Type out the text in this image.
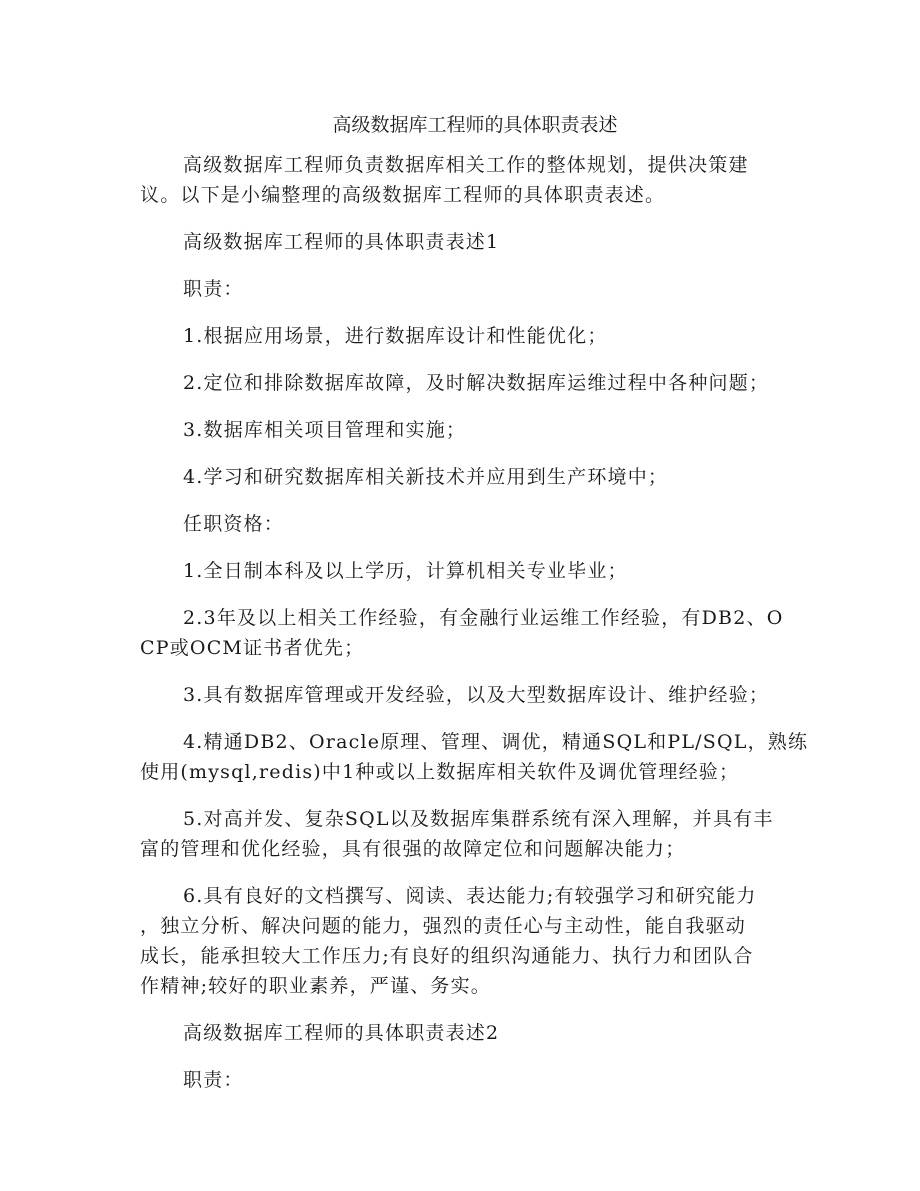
高级数据库工程师的具体职责表述
高级数据库工程师负责数据库相关工作的整体规划，提供决策建
议。以下是小编整理的高级数据库工程师的具体职责表述。
高级数据库工程师的具体职责表述1
职责：
1.根据应用场景，进行数据库设计和性能优化；
2.定位和排除数据库故障，及时解决数据库运维过程中各种问题；
3.数据库相关项目管理和实施；
4.学习和研究数据库相关新技术并应用到生产环境中；
任职资格：
1.全日制本科及以上学历，计算机相关专业毕业；
2.3年及以上相关工作经验，有金融行业运维工作经验，有DB2、O
CP或OCM证书者优先；
3.具有数据库管理或开发经验，以及大型数据库设计、维护经验；
4.精通DB2、Oracle原理、管理、调优，精通SQL和PL/SQL，熟练
使用(mysql,redis)中1种或以上数据库相关软件及调优管理经验；
5.对高并发、复杂SQL以及数据库集群系统有深入理解，并具有丰
富的管理和优化经验，具有很强的故障定位和问题解决能力；
6.具有良好的文档撰写、阅读、表达能力;有较强学习和研究能力
，独立分析、解决问题的能力，强烈的责任心与主动性，能自我驱动
成长，能承担较大工作压力;有良好的组织沟通能力、执行力和团队合
作精神;较好的职业素养，严谨、务实。
高级数据库工程师的具体职责表述2
职责：
